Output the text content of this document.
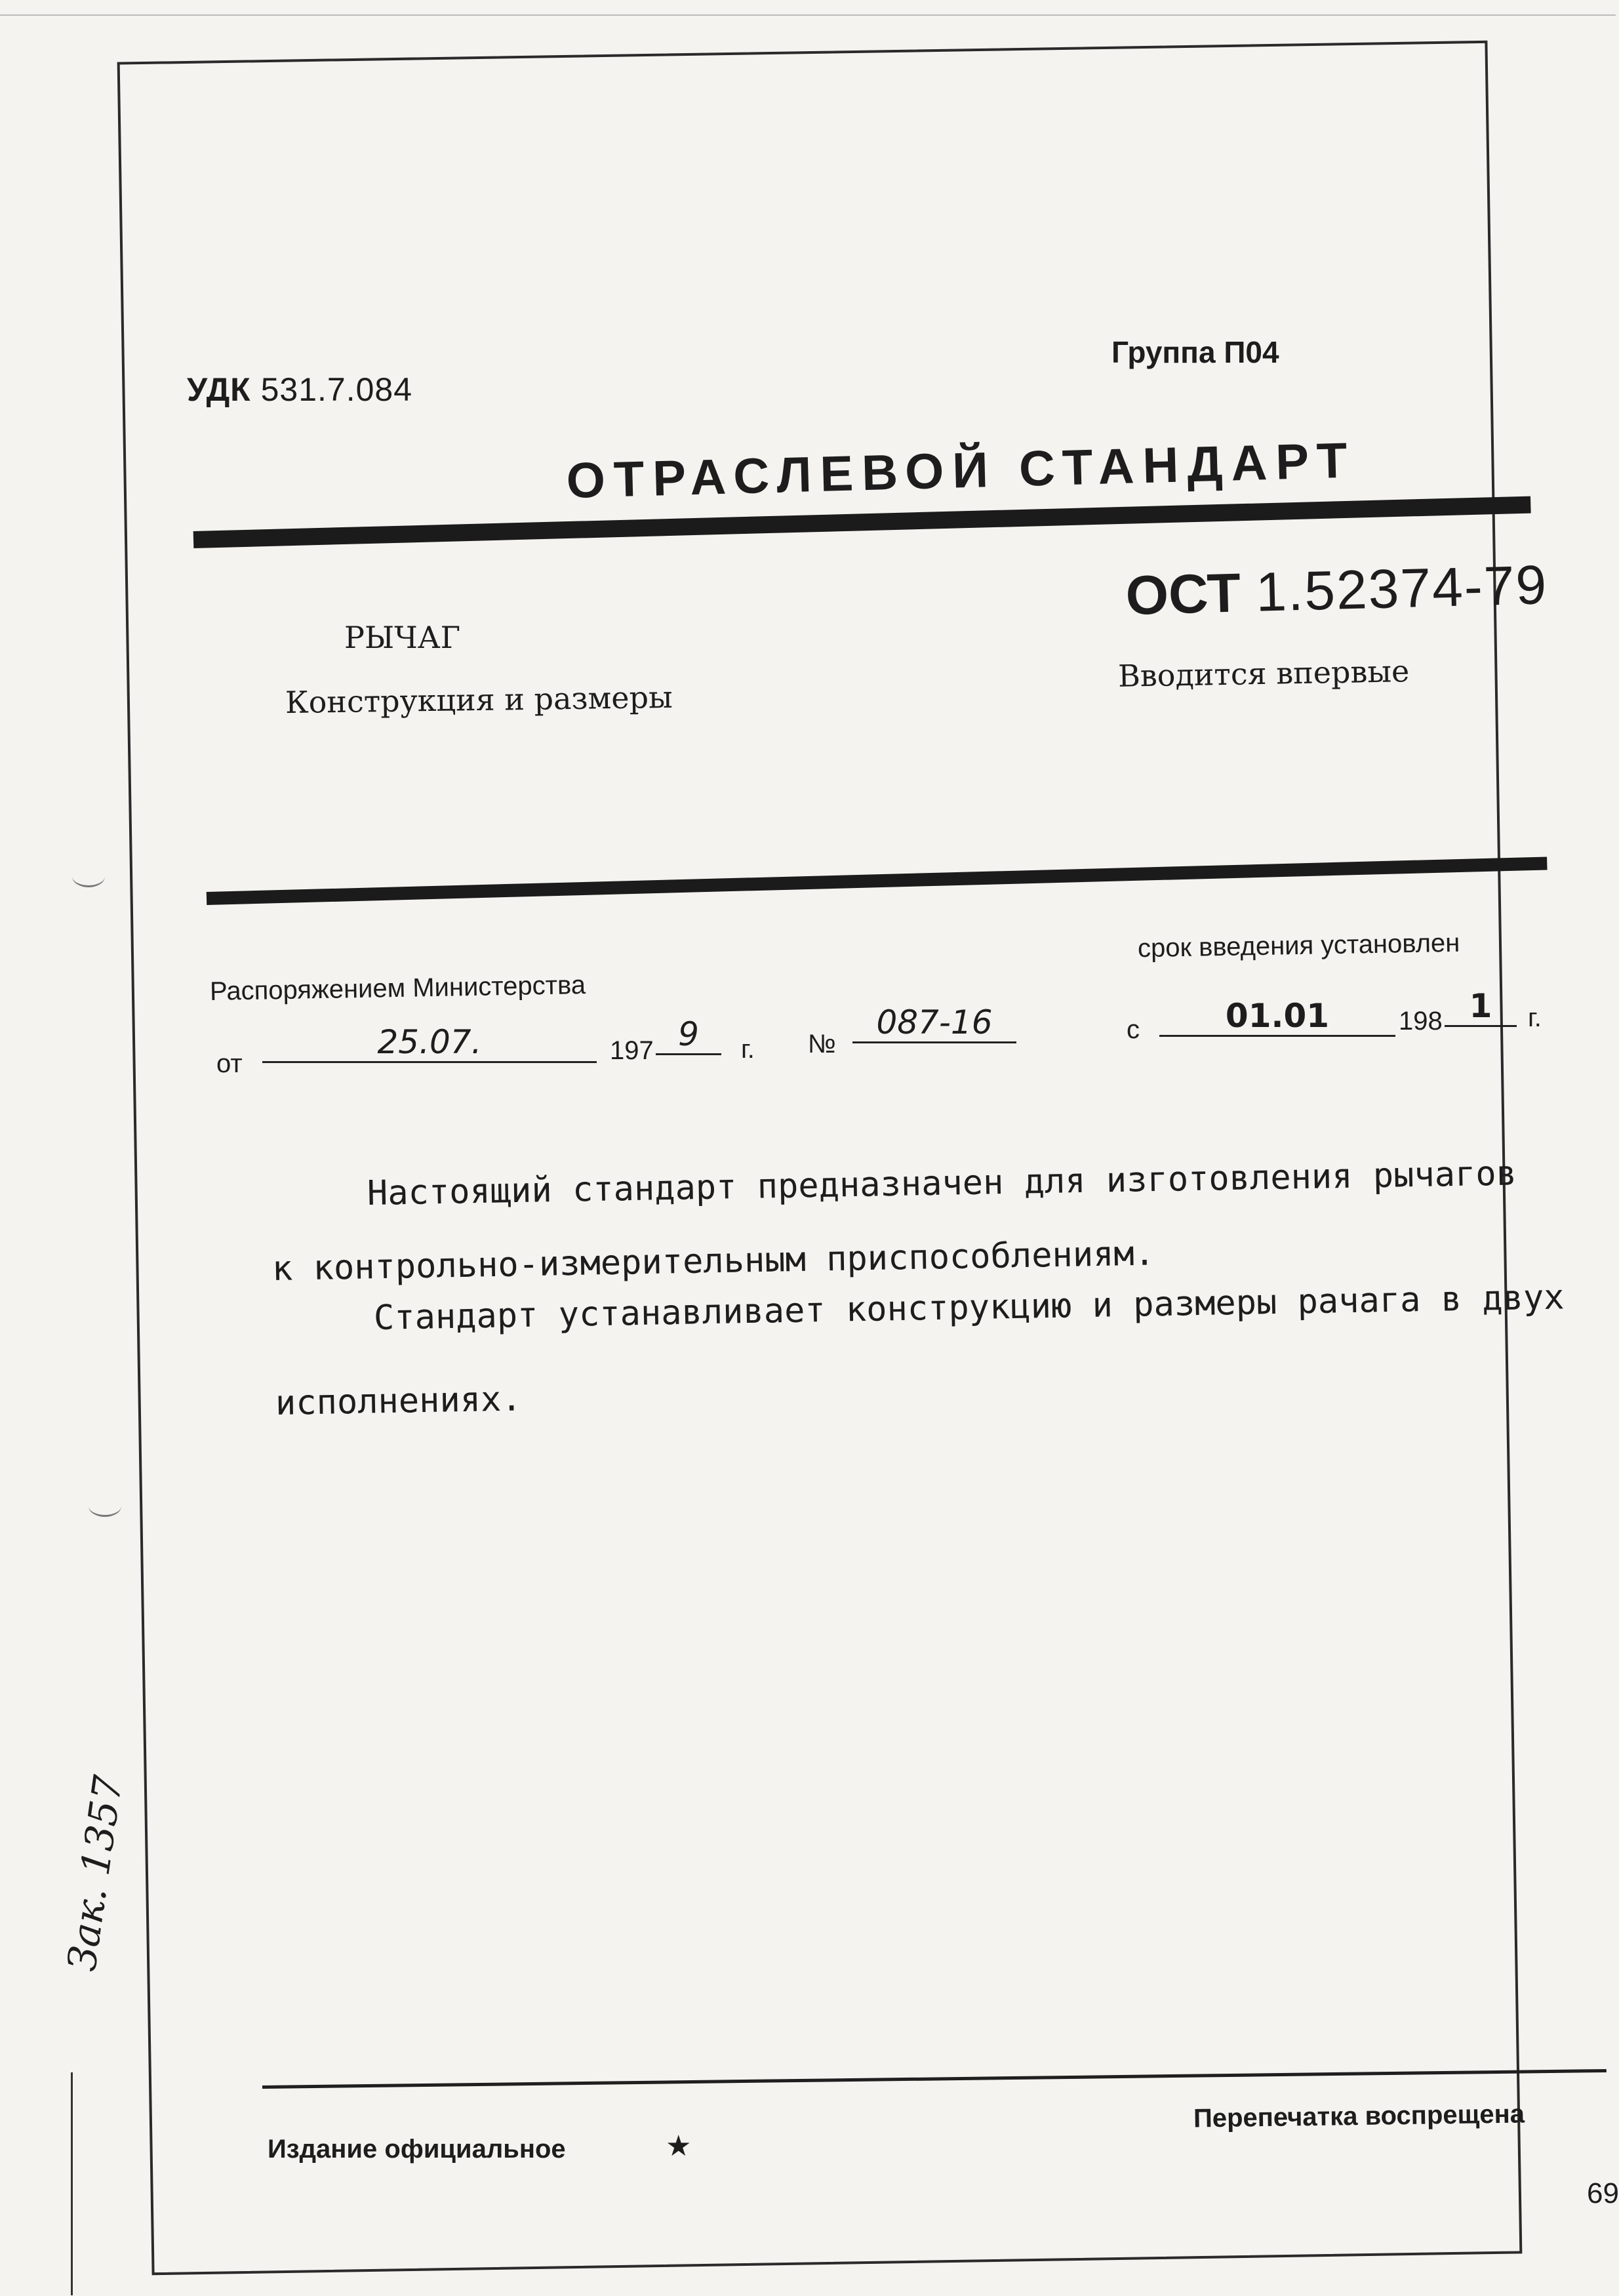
УДК 531.7.084
Группа П04
ОТРАСЛЕВОЙ СТАНДАРТ
РЫЧАГ
Конструкция и размеры
ОСТ 1.52374-79
Вводится впервые
Распоряжением Министерства
срок введения установлен
от
25.07.	197 9	г. №
087-16	с	01.01	198 1	г.
Настоящий стандарт предназначен для изготовления рычагов
к контрольно-измерительным приспособлениям.
Стандарт устанавливает конструкцию и размеры рачага в двух
исполнениях.
Издание официальное	★
Перепечатка воспрещена
69
Зак. 1357
